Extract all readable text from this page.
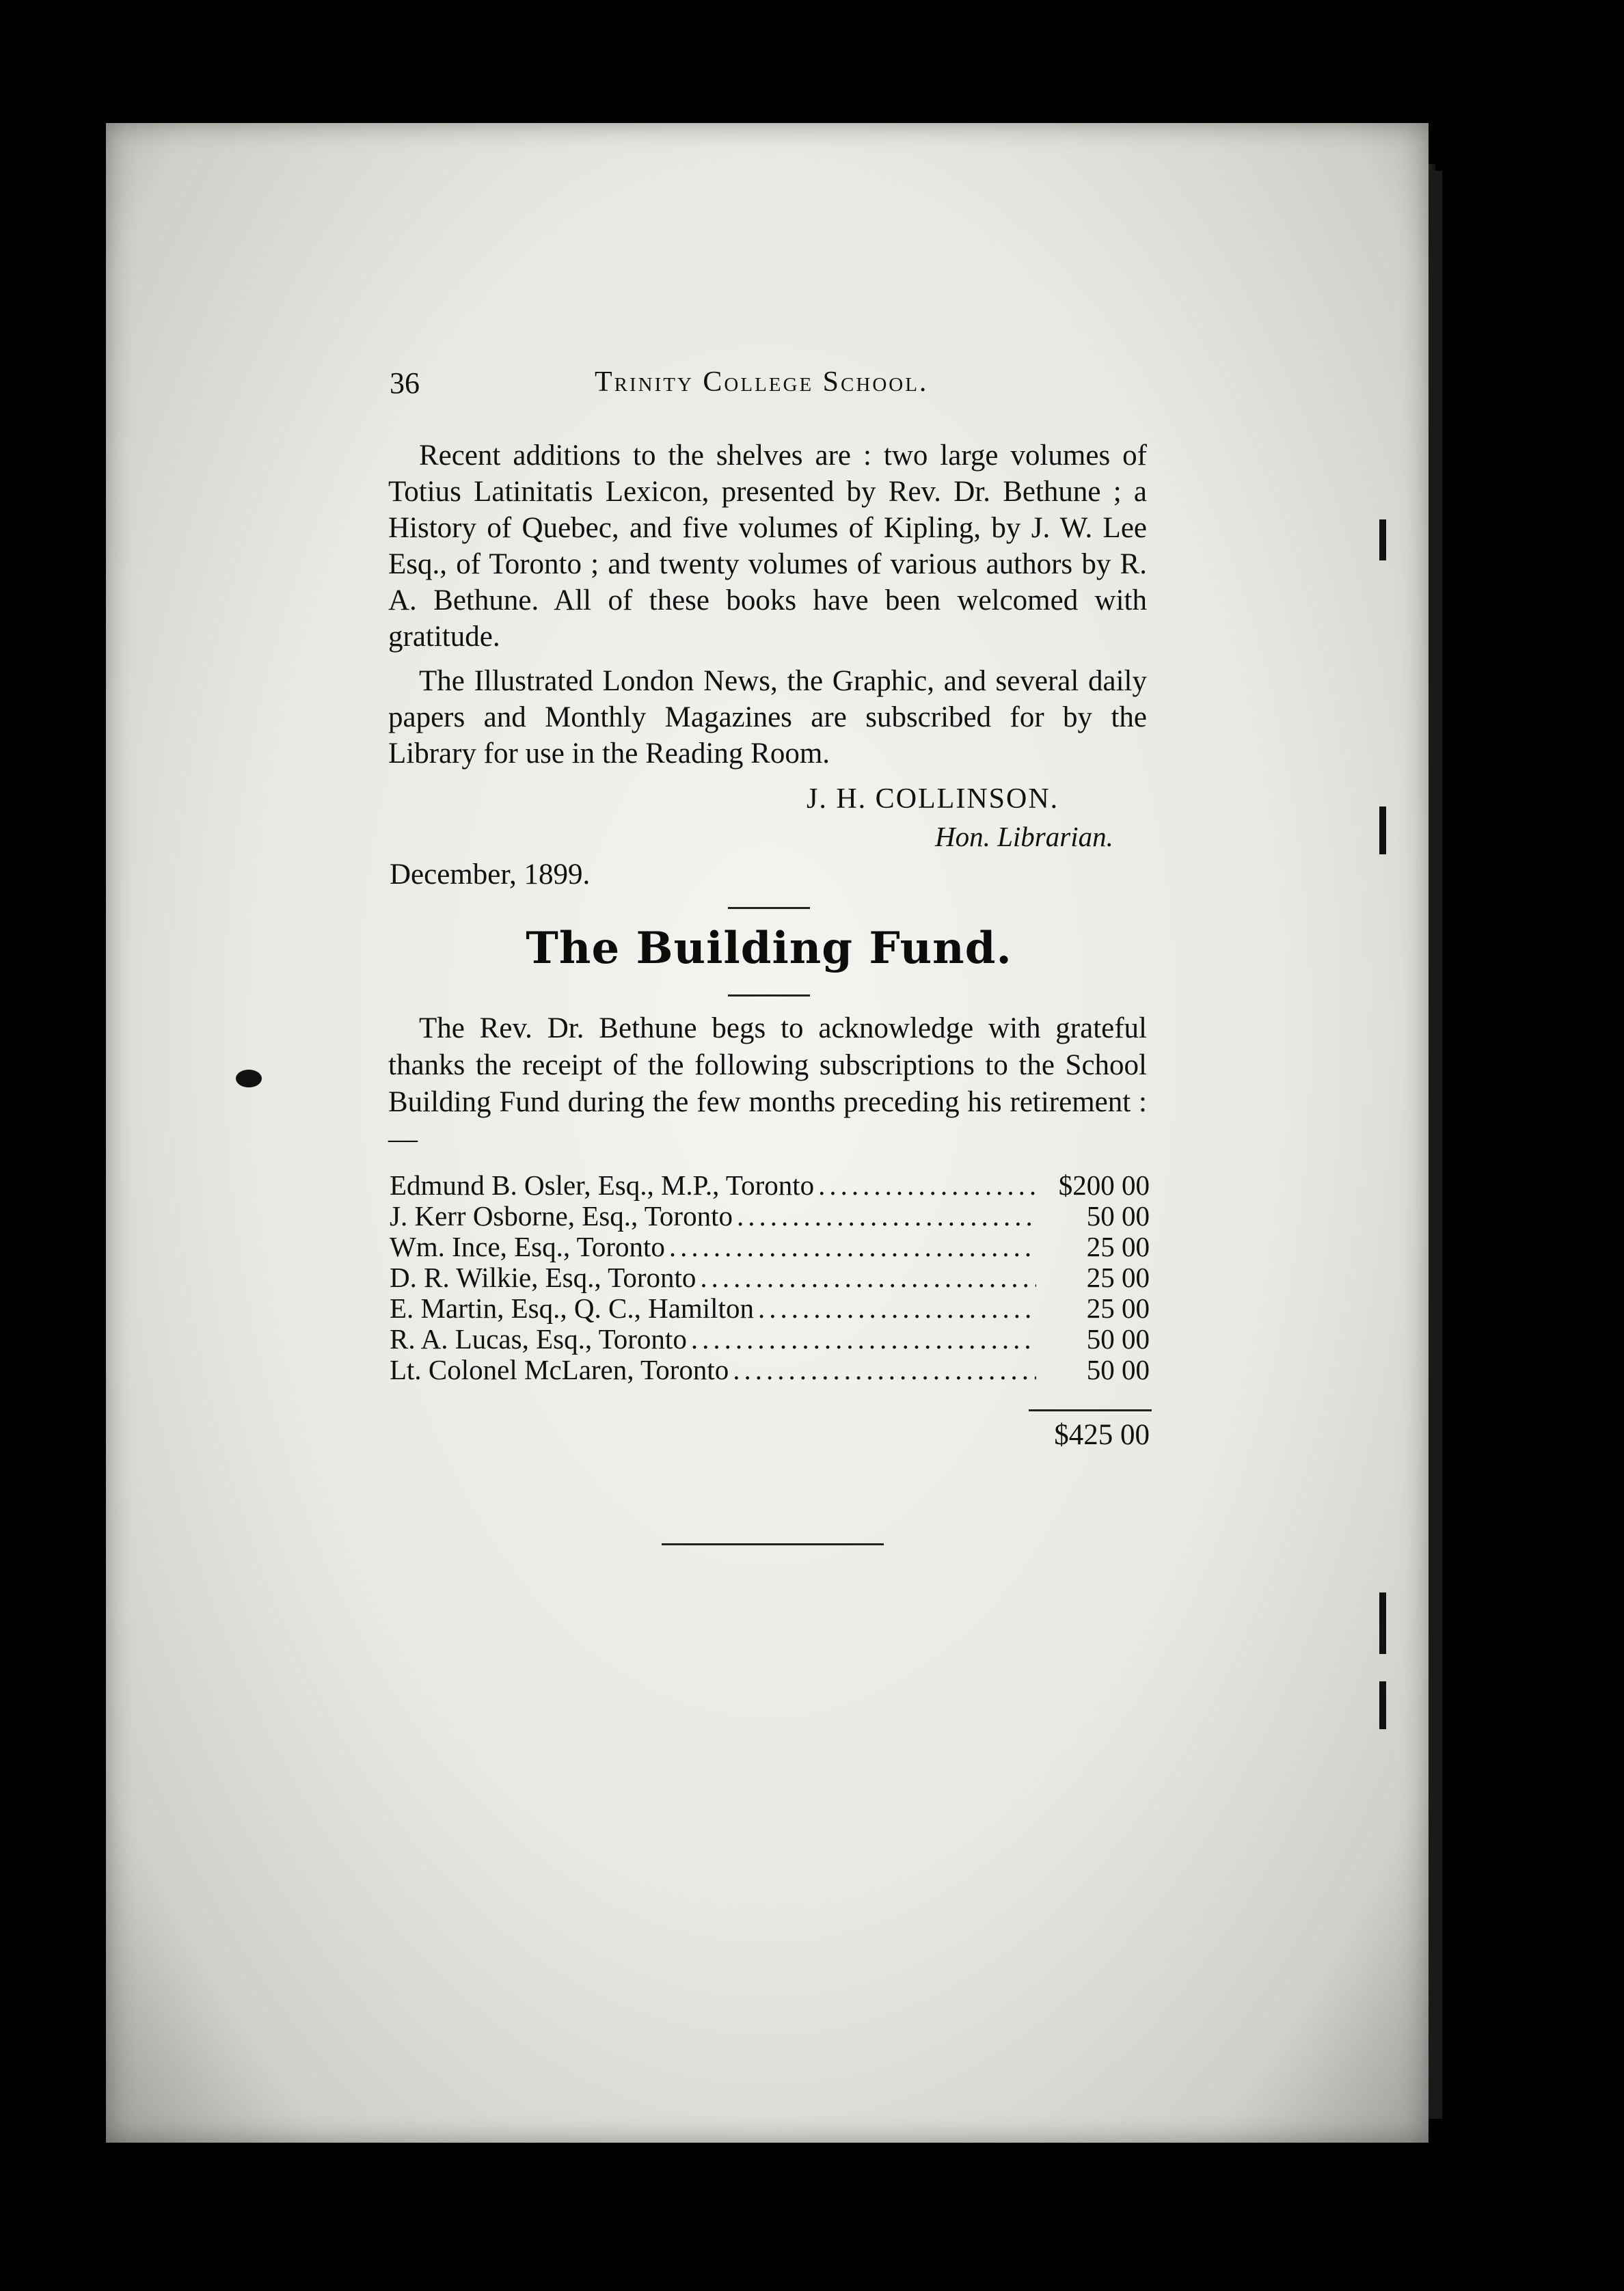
36	Trinity College School.
Recent additions to the shelves are : two large volumes of Totius Latinitatis Lexicon, presented by Rev. Dr. Bethune ; a History of Quebec, and five volumes of Kipling, by J. W. Lee Esq., of Toronto ; and twenty volumes of various authors by R. A. Bethune. All of these books have been welcomed with gratitude.
The Illustrated London News, the Graphic, and several daily papers and Monthly Magazines are subscribed for by the Library for use in the Reading Room.
J. H. COLLINSON.
Hon. Librarian.
December, 1899.
The Building Fund.
The Rev. Dr. Bethune begs to acknowledge with grateful thanks the receipt of the following subscriptions to the School Building Fund during the few months preceding his retirement :—
Edmund B. Osler, Esq., M.P., Toronto .....	$200 00
J. Kerr Osborne, Esq., Toronto .....	50 00
Wm. Ince, Esq., Toronto .....	25 00
D. R. Wilkie, Esq., Toronto .....	25 00
E. Martin, Esq., Q. C., Hamilton .....	25 00
R. A. Lucas, Esq., Toronto .....	50 00
Lt. Colonel McLaren, Toronto .....	50 00
$425 00
